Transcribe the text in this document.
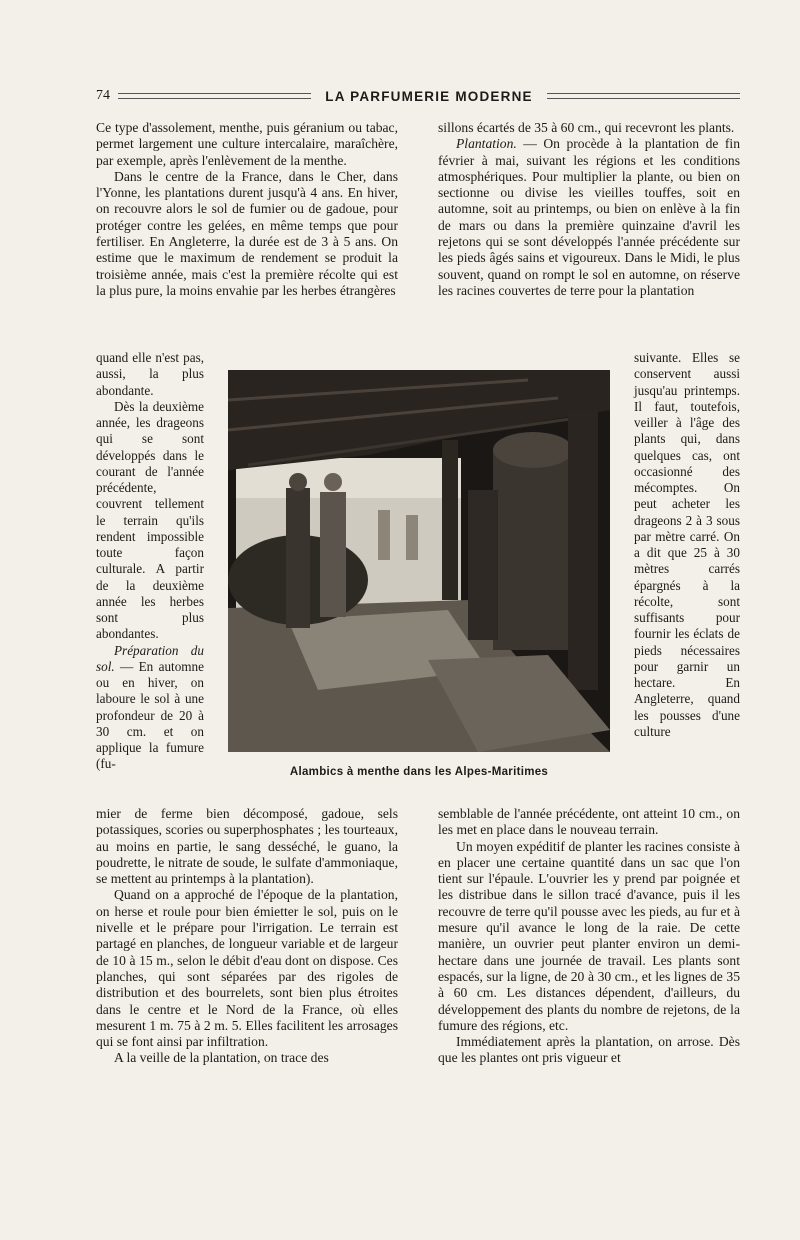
74	LA PARFUMERIE MODERNE

Ce type d'assolement, menthe, puis géranium ou tabac, permet largement une culture intercalaire, maraîchère, par exemple, après l'enlèvement de la menthe.

Dans le centre de la France, dans le Cher, dans l'Yonne, les plantations durent jusqu'à 4 ans. En hiver, on recouvre alors le sol de fumier ou de gadoue, pour protéger contre les gelées, en même temps que pour fertiliser. En Angleterre, la durée est de 3 à 5 ans. On estime que le maximum de rendement se produit la troisième année, mais c'est la première récolte qui est la plus pure, la moins envahie par les herbes étrangères

quand elle n'est pas, aussi, la plus abondante.

Dès la deuxième année, les drageons qui se sont développés dans le courant de l'année précédente, couvrent tellement le terrain qu'ils rendent impossible toute façon culturale. A partir de la deuxième année les herbes sont plus abondantes.

Préparation du sol. — En automne ou en hiver, on laboure le sol à une profondeur de 20 à 30 cm. et on applique la fumure (fu-

mier de ferme bien décomposé, gadoue, sels potassiques, scories ou superphosphates ; les tourteaux, au moins en partie, le sang desséché, le guano, la poudrette, le nitrate de soude, le sulfate d'ammoniaque, se mettent au printemps à la plantation).

Quand on a approché de l'époque de la plantation, on herse et roule pour bien émietter le sol, puis on le nivelle et le prépare pour l'irrigation. Le terrain est partagé en planches, de longueur variable et de largeur de 10 à 15 m., selon le débit d'eau dont on dispose. Ces planches, qui sont séparées par des rigoles de distribution et des bourrelets, sont bien plus étroites dans le centre et le Nord de la France, où elles mesurent 1 m. 75 à 2 m. 5. Elles facilitent les arrosages qui se font ainsi par infiltration.

A la veille de la plantation, on trace des

sillons écartés de 35 à 60 cm., qui recevront les plants.

Plantation. — On procède à la plantation de fin février à mai, suivant les régions et les conditions atmosphériques. Pour multiplier la plante, ou bien on sectionne ou divise les vieilles touffes, soit en automne, soit au printemps, ou bien on enlève à la fin de mars ou dans la première quinzaine d'avril les rejetons qui se sont développés l'année précédente sur les pieds âgés sains et vigoureux. Dans le Midi, le plus souvent, quand on rompt le sol en automne, on réserve les racines couvertes de terre pour la plantation

suivante. Elles se conservent aussi jusqu'au printemps. Il faut, toutefois, veiller à l'âge des plants qui, dans quelques cas, ont occasionné des mécomptes. On peut acheter les drageons 2 à 3 sous par mètre carré. On a dit que 25 à 30 mètres carrés épargnés à la récolte, sont suffisants pour fournir les éclats de pieds nécessaires pour garnir un hectare. En Angleterre, quand les pousses d'une culture

semblable de l'année précédente, ont atteint 10 cm., on les met en place dans le nouveau terrain.

Un moyen expéditif de planter les racines consiste à en placer une certaine quantité dans un sac que l'on tient sur l'épaule. L'ouvrier les y prend par poignée et les distribue dans le sillon tracé d'avance, puis il les recouvre de terre qu'il pousse avec les pieds, au fur et à mesure qu'il avance le long de la raie. De cette manière, un ouvrier peut planter environ un demi-hectare dans une journée de travail. Les plants sont espacés, sur la ligne, de 20 à 30 cm., et les lignes de 35 à 60 cm. Les distances dépendent, d'ailleurs, du développement des plants du nombre de rejetons, de la fumure des régions, etc.

Immédiatement après la plantation, on arrose. Dès que les plantes ont pris vigueur et

Alambics à menthe dans les Alpes-Maritimes
